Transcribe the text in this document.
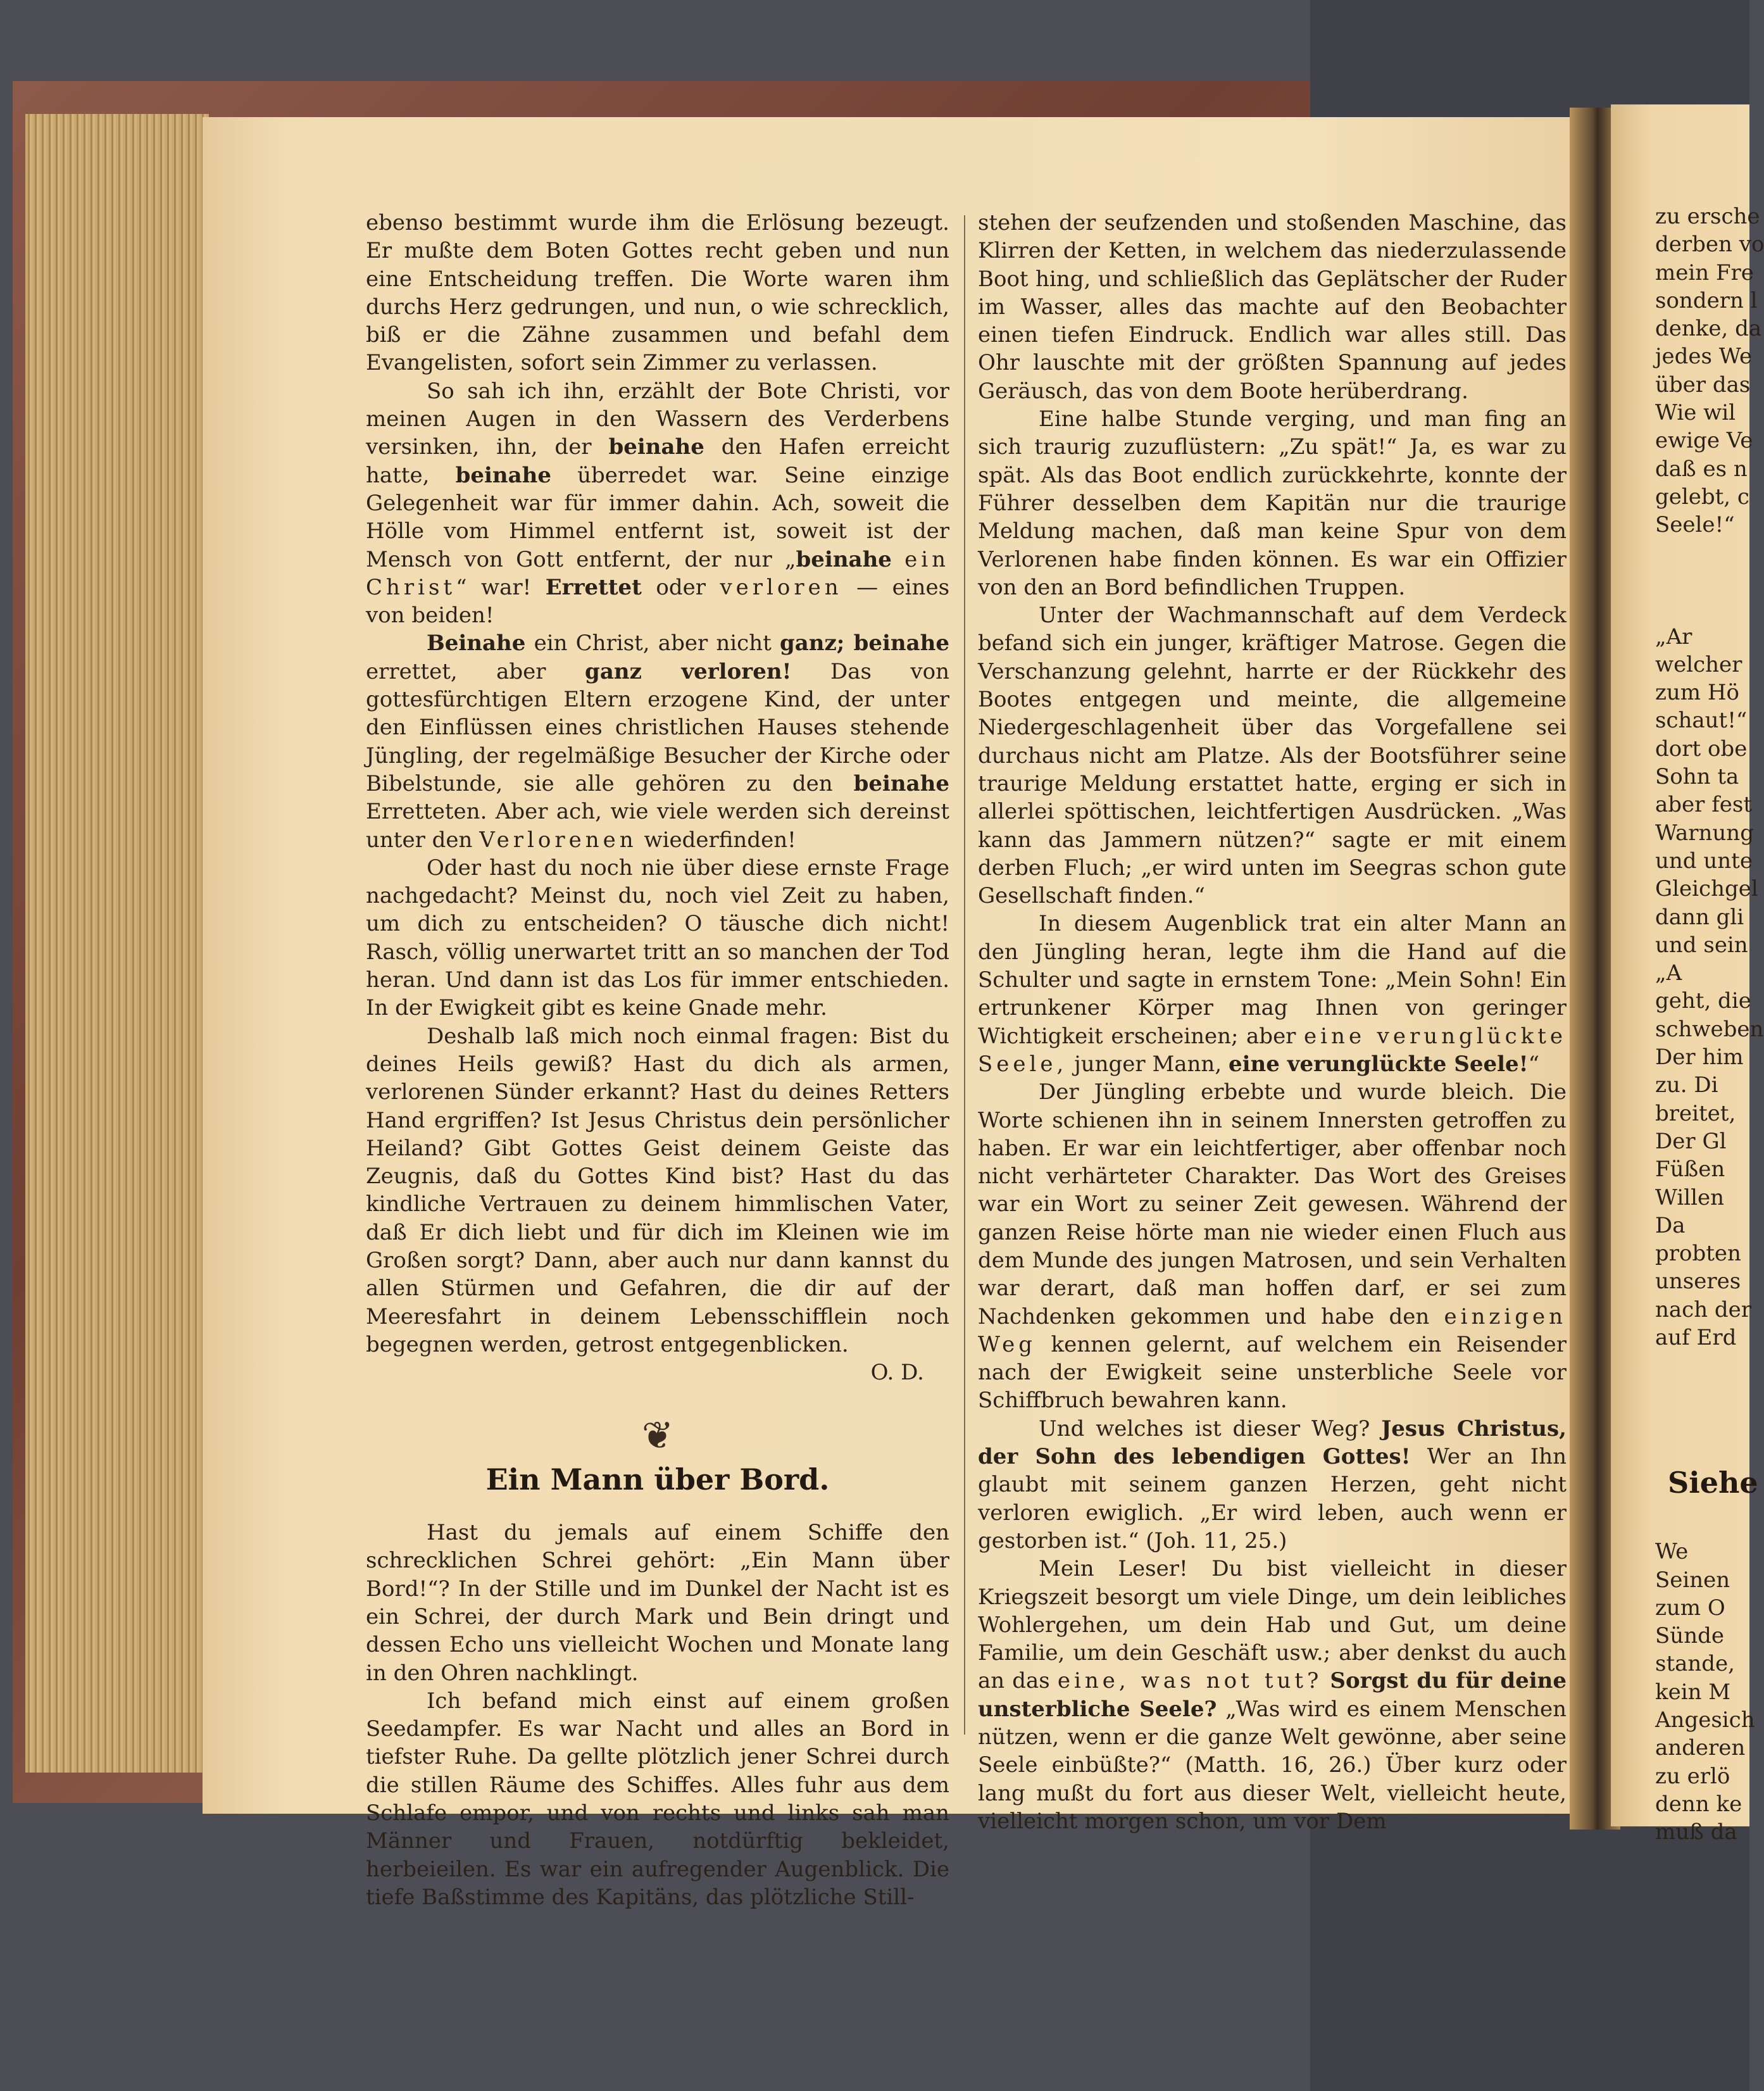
zu ersche
derben vo
mein Fre
sondern l
denke, da
jedes We
über das
Wie wil
ewige Ve
daß es n
gelebt, c
Seele!“
„Ar
welcher
zum Hö
schaut!“
dort obe
Sohn ta
aber fest
Warnung
und unte
Gleichgel
dann gli
und sein
„A
geht, die
schweben
Der him
zu. Di
breitet,
Der Gl
Füßen
Willen
Da
probten
unseres
nach der
auf Erd
Siehe
We
Seinen
zum O
Sünde
stande,
kein M
Angesich
anderen
zu erlö
denn ke
muß da

ebenso bestimmt wurde ihm die Erlösung bezeugt. Er mußte dem Boten Gottes recht geben und nun eine Entscheidung treffen. Die Worte waren ihm durchs Herz gedrungen, und nun, o wie schrecklich, biß er die Zähne zusammen und befahl dem Evangelisten, sofort sein Zimmer zu verlassen.

So sah ich ihn, erzählt der Bote Christi, vor meinen Augen in den Wassern des Verderbens versinken, ihn, der beinahe den Hafen erreicht hatte, beinahe überredet war. Seine einzige Gelegenheit war für immer dahin. Ach, soweit die Hölle vom Himmel entfernt ist, soweit ist der Mensch von Gott entfernt, der nur „beinahe ein Christ“ war! Errettet oder verloren — eines von beiden!

Beinahe ein Christ, aber nicht ganz; beinahe errettet, aber ganz verloren! Das von gottesfürchtigen Eltern erzogene Kind, der unter den Einflüssen eines christlichen Hauses stehende Jüngling, der regelmäßige Besucher der Kirche oder Bibelstunde, sie alle gehören zu den beinahe Erretteten. Aber ach, wie viele werden sich dereinst unter den Verlorenen wiederfinden!

Oder hast du noch nie über diese ernste Frage nachgedacht? Meinst du, noch viel Zeit zu haben, um dich zu entscheiden? O täusche dich nicht! Rasch, völlig unerwartet tritt an so manchen der Tod heran. Und dann ist das Los für immer entschieden. In der Ewigkeit gibt es keine Gnade mehr.

Deshalb laß mich noch einmal fragen: Bist du deines Heils gewiß? Hast du dich als armen, verlorenen Sünder erkannt? Hast du deines Retters Hand ergriffen? Ist Jesus Christus dein persönlicher Heiland? Gibt Gottes Geist deinem Geiste das Zeugnis, daß du Gottes Kind bist? Hast du das kindliche Vertrauen zu deinem himmlischen Vater, daß Er dich liebt und für dich im Kleinen wie im Großen sorgt? Dann, aber auch nur dann kannst du allen Stürmen und Gefahren, die dir auf der Meeresfahrt in deinem Lebensschifflein noch begegnen werden, getrost entgegenblicken.

O. D.
❦
Ein Mann über Bord.

Hast du jemals auf einem Schiffe den schrecklichen Schrei gehört: „Ein Mann über Bord!“? In der Stille und im Dunkel der Nacht ist es ein Schrei, der durch Mark und Bein dringt und dessen Echo uns vielleicht Wochen und Monate lang in den Ohren nachklingt.

Ich befand mich einst auf einem großen Seedampfer. Es war Nacht und alles an Bord in tiefster Ruhe. Da gellte plötzlich jener Schrei durch die stillen Räume des Schiffes. Alles fuhr aus dem Schlafe empor, und von rechts und links sah man Männer und Frauen, notdürftig bekleidet, herbeieilen. Es war ein aufregender Augenblick. Die tiefe Baßstimme des Kapitäns, das plötzliche Still-

stehen der seufzenden und stoßenden Maschine, das Klirren der Ketten, in welchem das niederzulassende Boot hing, und schließlich das Geplätscher der Ruder im Wasser, alles das machte auf den Beobachter einen tiefen Eindruck. Endlich war alles still. Das Ohr lauschte mit der größten Spannung auf jedes Geräusch, das von dem Boote herüberdrang.

Eine halbe Stunde verging, und man fing an sich traurig zuzuflüstern: „Zu spät!“ Ja, es war zu spät. Als das Boot endlich zurückkehrte, konnte der Führer desselben dem Kapitän nur die traurige Meldung machen, daß man keine Spur von dem Verlorenen habe finden können. Es war ein Offizier von den an Bord befindlichen Truppen.

Unter der Wachmannschaft auf dem Verdeck befand sich ein junger, kräftiger Matrose. Gegen die Verschanzung gelehnt, harrte er der Rückkehr des Bootes entgegen und meinte, die allgemeine Niedergeschlagenheit über das Vorgefallene sei durchaus nicht am Platze. Als der Bootsführer seine traurige Meldung erstattet hatte, erging er sich in allerlei spöttischen, leichtfertigen Ausdrücken. „Was kann das Jammern nützen?“ sagte er mit einem derben Fluch; „er wird unten im Seegras schon gute Gesellschaft finden.“

In diesem Augenblick trat ein alter Mann an den Jüngling heran, legte ihm die Hand auf die Schulter und sagte in ernstem Tone: „Mein Sohn! Ein ertrunkener Körper mag Ihnen von geringer Wichtigkeit erscheinen; aber eine verunglückte Seele, junger Mann, eine verunglückte Seele!“

Der Jüngling erbebte und wurde bleich. Die Worte schienen ihn in seinem Innersten getroffen zu haben. Er war ein leichtfertiger, aber offenbar noch nicht verhärteter Charakter. Das Wort des Greises war ein Wort zu seiner Zeit gewesen. Während der ganzen Reise hörte man nie wieder einen Fluch aus dem Munde des jungen Matrosen, und sein Verhalten war derart, daß man hoffen darf, er sei zum Nachdenken gekommen und habe den einzigen Weg kennen gelernt, auf welchem ein Reisender nach der Ewigkeit seine unsterbliche Seele vor Schiffbruch bewahren kann.

Und welches ist dieser Weg? Jesus Christus, der Sohn des lebendigen Gottes! Wer an Ihn glaubt mit seinem ganzen Herzen, geht nicht verloren ewiglich. „Er wird leben, auch wenn er gestorben ist.“ (Joh. 11, 25.)

Mein Leser! Du bist vielleicht in dieser Kriegszeit besorgt um viele Dinge, um dein leibliches Wohlergehen, um dein Hab und Gut, um deine Familie, um dein Geschäft usw.; aber denkst du auch an das eine, was not tut? Sorgst du für deine unsterbliche Seele? „Was wird es einem Menschen nützen, wenn er die ganze Welt gewönne, aber seine Seele einbüßte?“ (Matth. 16, 26.) Über kurz oder lang mußt du fort aus dieser Welt, vielleicht heute, vielleicht morgen schon, um vor Dem
